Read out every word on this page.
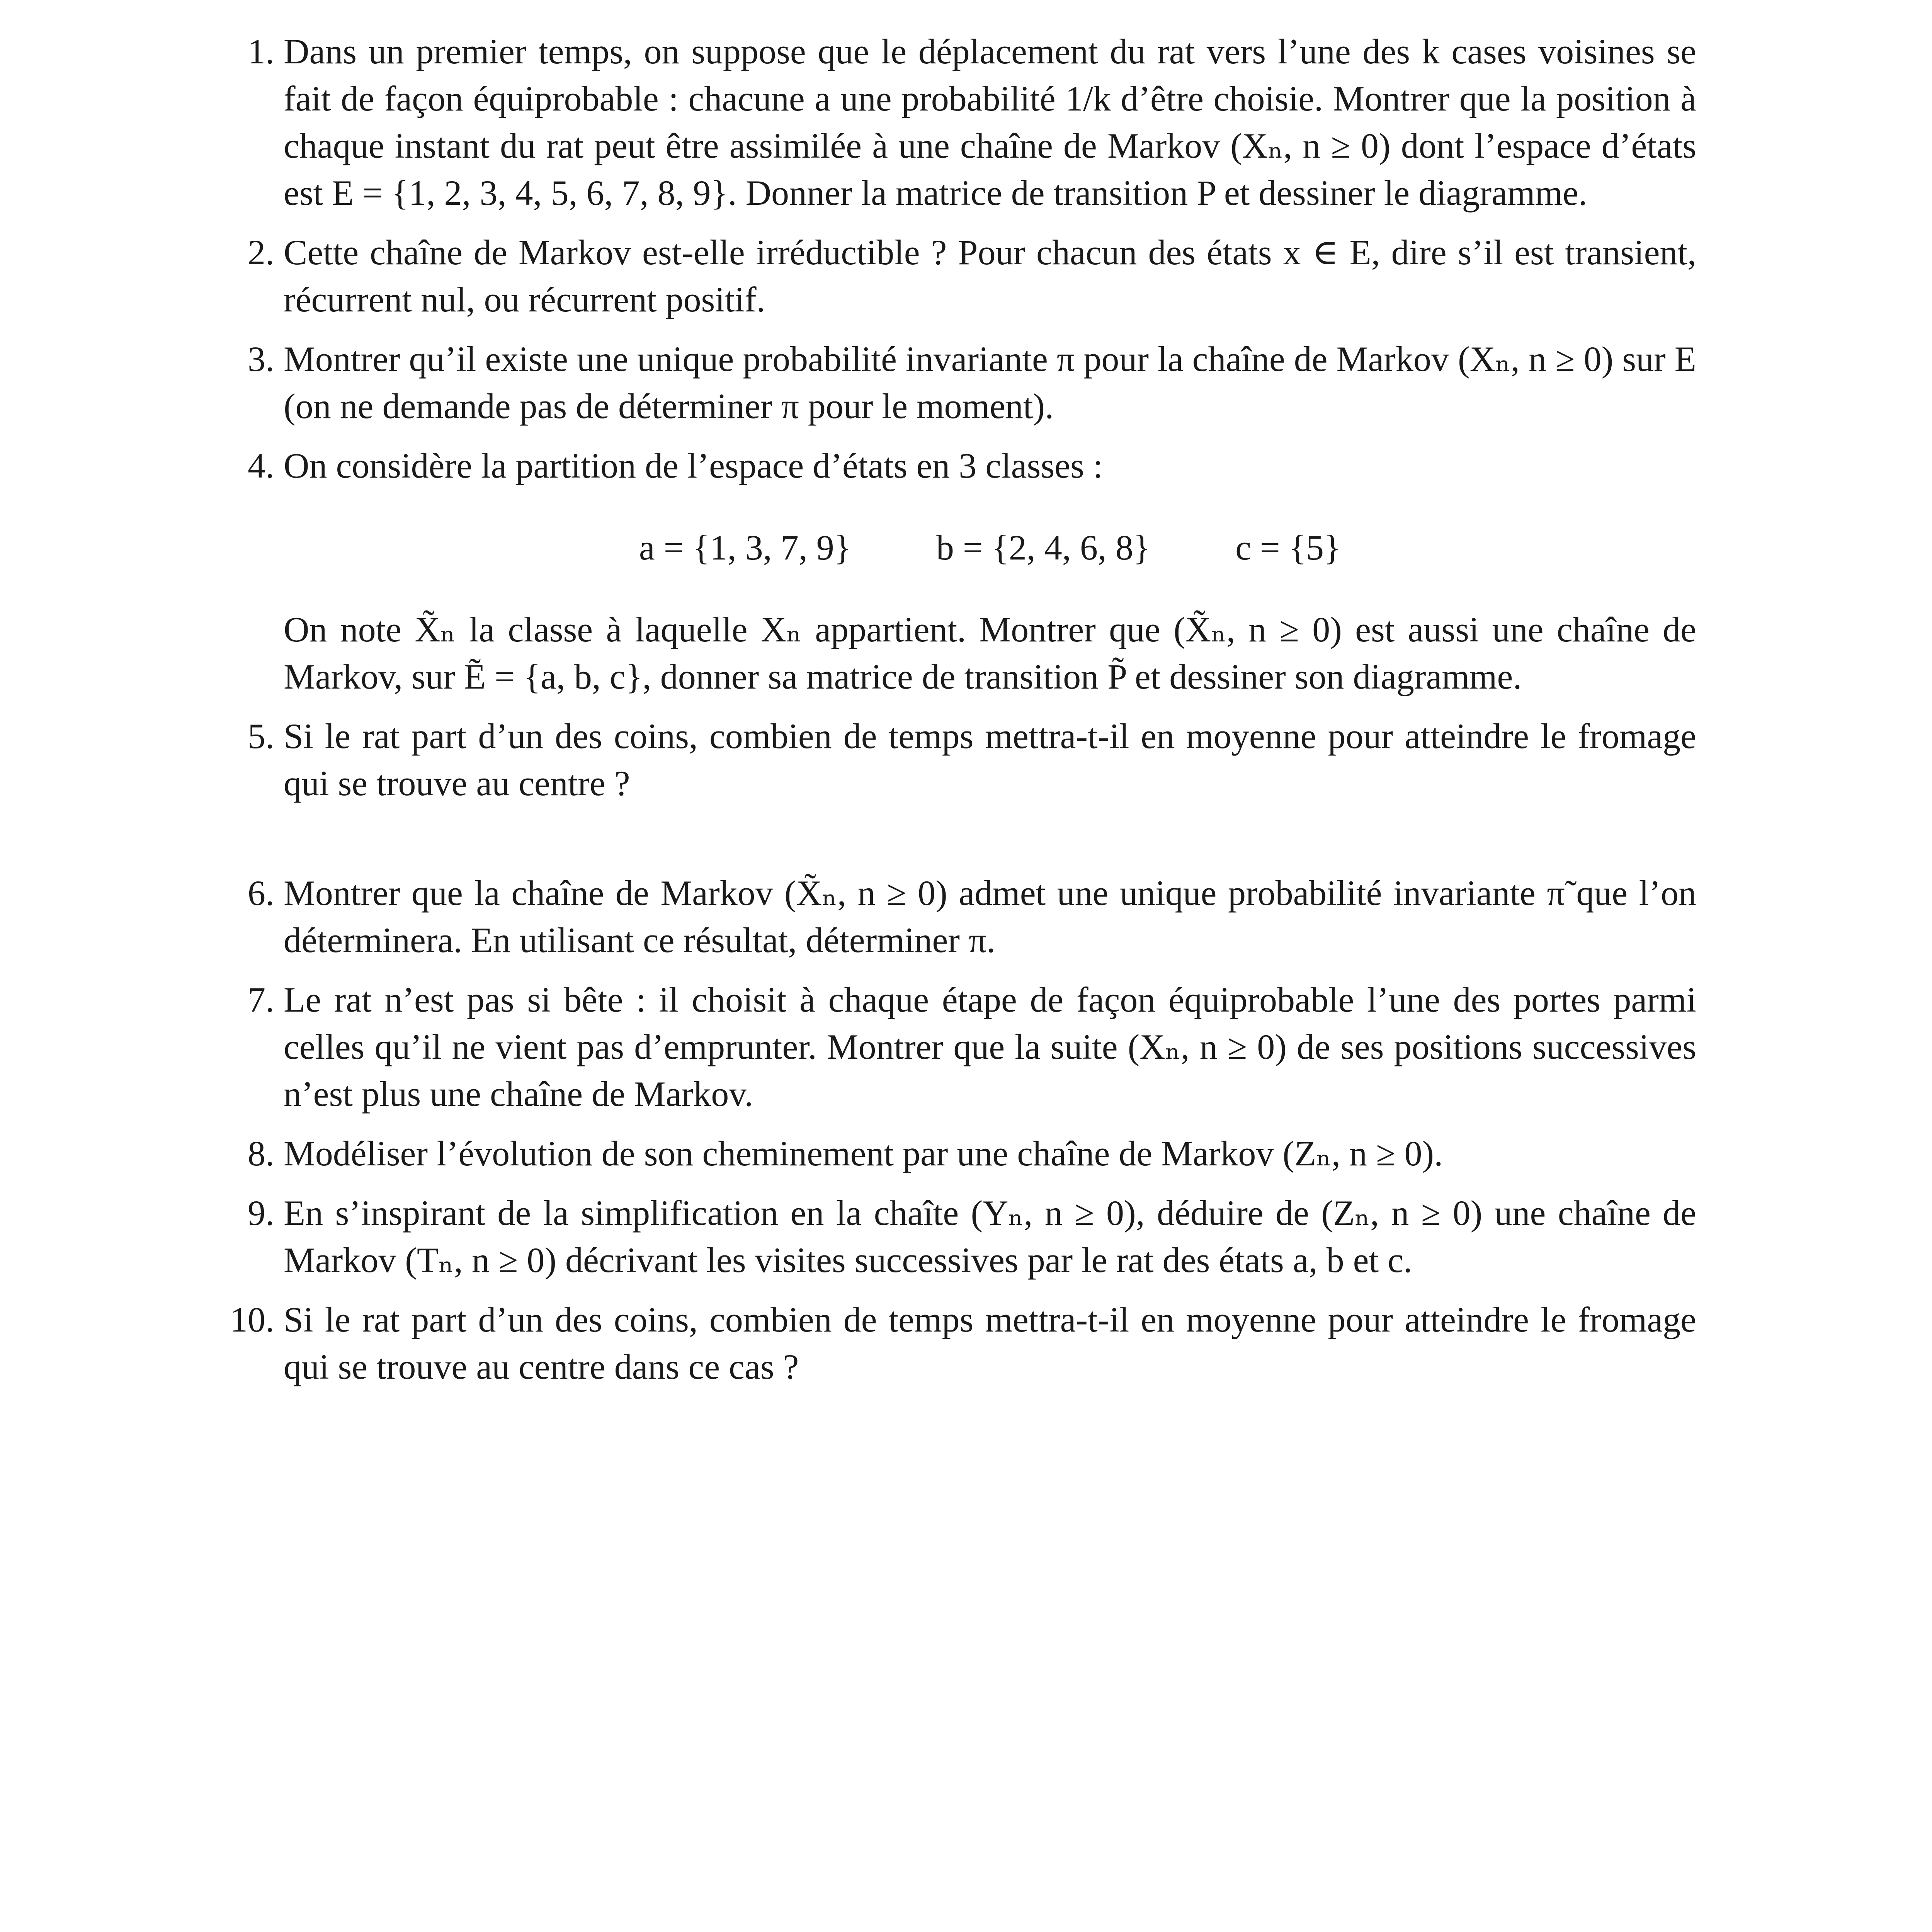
1. Dans un premier temps, on suppose que le déplacement du rat vers l’une des k cases voisines se fait de façon équiprobable : chacune a une probabilité 1/k d’être choisie. Montrer que la position à chaque instant du rat peut être assimilée à une chaîne de Markov (Xₙ, n ≥ 0) dont l’espace d’états est E = {1, 2, 3, 4, 5, 6, 7, 8, 9}. Donner la matrice de transition P et dessiner le diagramme.
2. Cette chaîne de Markov est-elle irréductible ? Pour chacun des états x ∈ E, dire s’il est transient, récurrent nul, ou récurrent positif.
3. Montrer qu’il existe une unique probabilité invariante π pour la chaîne de Markov (Xₙ, n ≥ 0) sur E (on ne demande pas de déterminer π pour le moment).
4. On considère la partition de l’espace d’états en 3 classes :
a = {1, 3, 7, 9} b = {2, 4, 6, 8} c = {5}
On note X̃ₙ la classe à laquelle Xₙ appartient. Montrer que (X̃ₙ, n ≥ 0) est aussi une chaîne de Markov, sur Ẽ = {a, b, c}, donner sa matrice de transition P̃ et dessiner son diagramme.
5. Si le rat part d’un des coins, combien de temps mettra-t-il en moyenne pour atteindre le fromage qui se trouve au centre ?
6. Montrer que la chaîne de Markov (X̃ₙ, n ≥ 0) admet une unique probabilité invariante π̃ que l’on déterminera. En utilisant ce résultat, déterminer π.
7. Le rat n’est pas si bête : il choisit à chaque étape de façon équiprobable l’une des portes parmi celles qu’il ne vient pas d’emprunter. Montrer que la suite (Xₙ, n ≥ 0) de ses positions successives n’est plus une chaîne de Markov.
8. Modéliser l’évolution de son cheminement par une chaîne de Markov (Zₙ, n ≥ 0).
9. En s’inspirant de la simplification en la chaîte (Yₙ, n ≥ 0), déduire de (Zₙ, n ≥ 0) une chaîne de Markov (Tₙ, n ≥ 0) décrivant les visites successives par le rat des états a, b et c.
10. Si le rat part d’un des coins, combien de temps mettra-t-il en moyenne pour atteindre le fromage qui se trouve au centre dans ce cas ?
